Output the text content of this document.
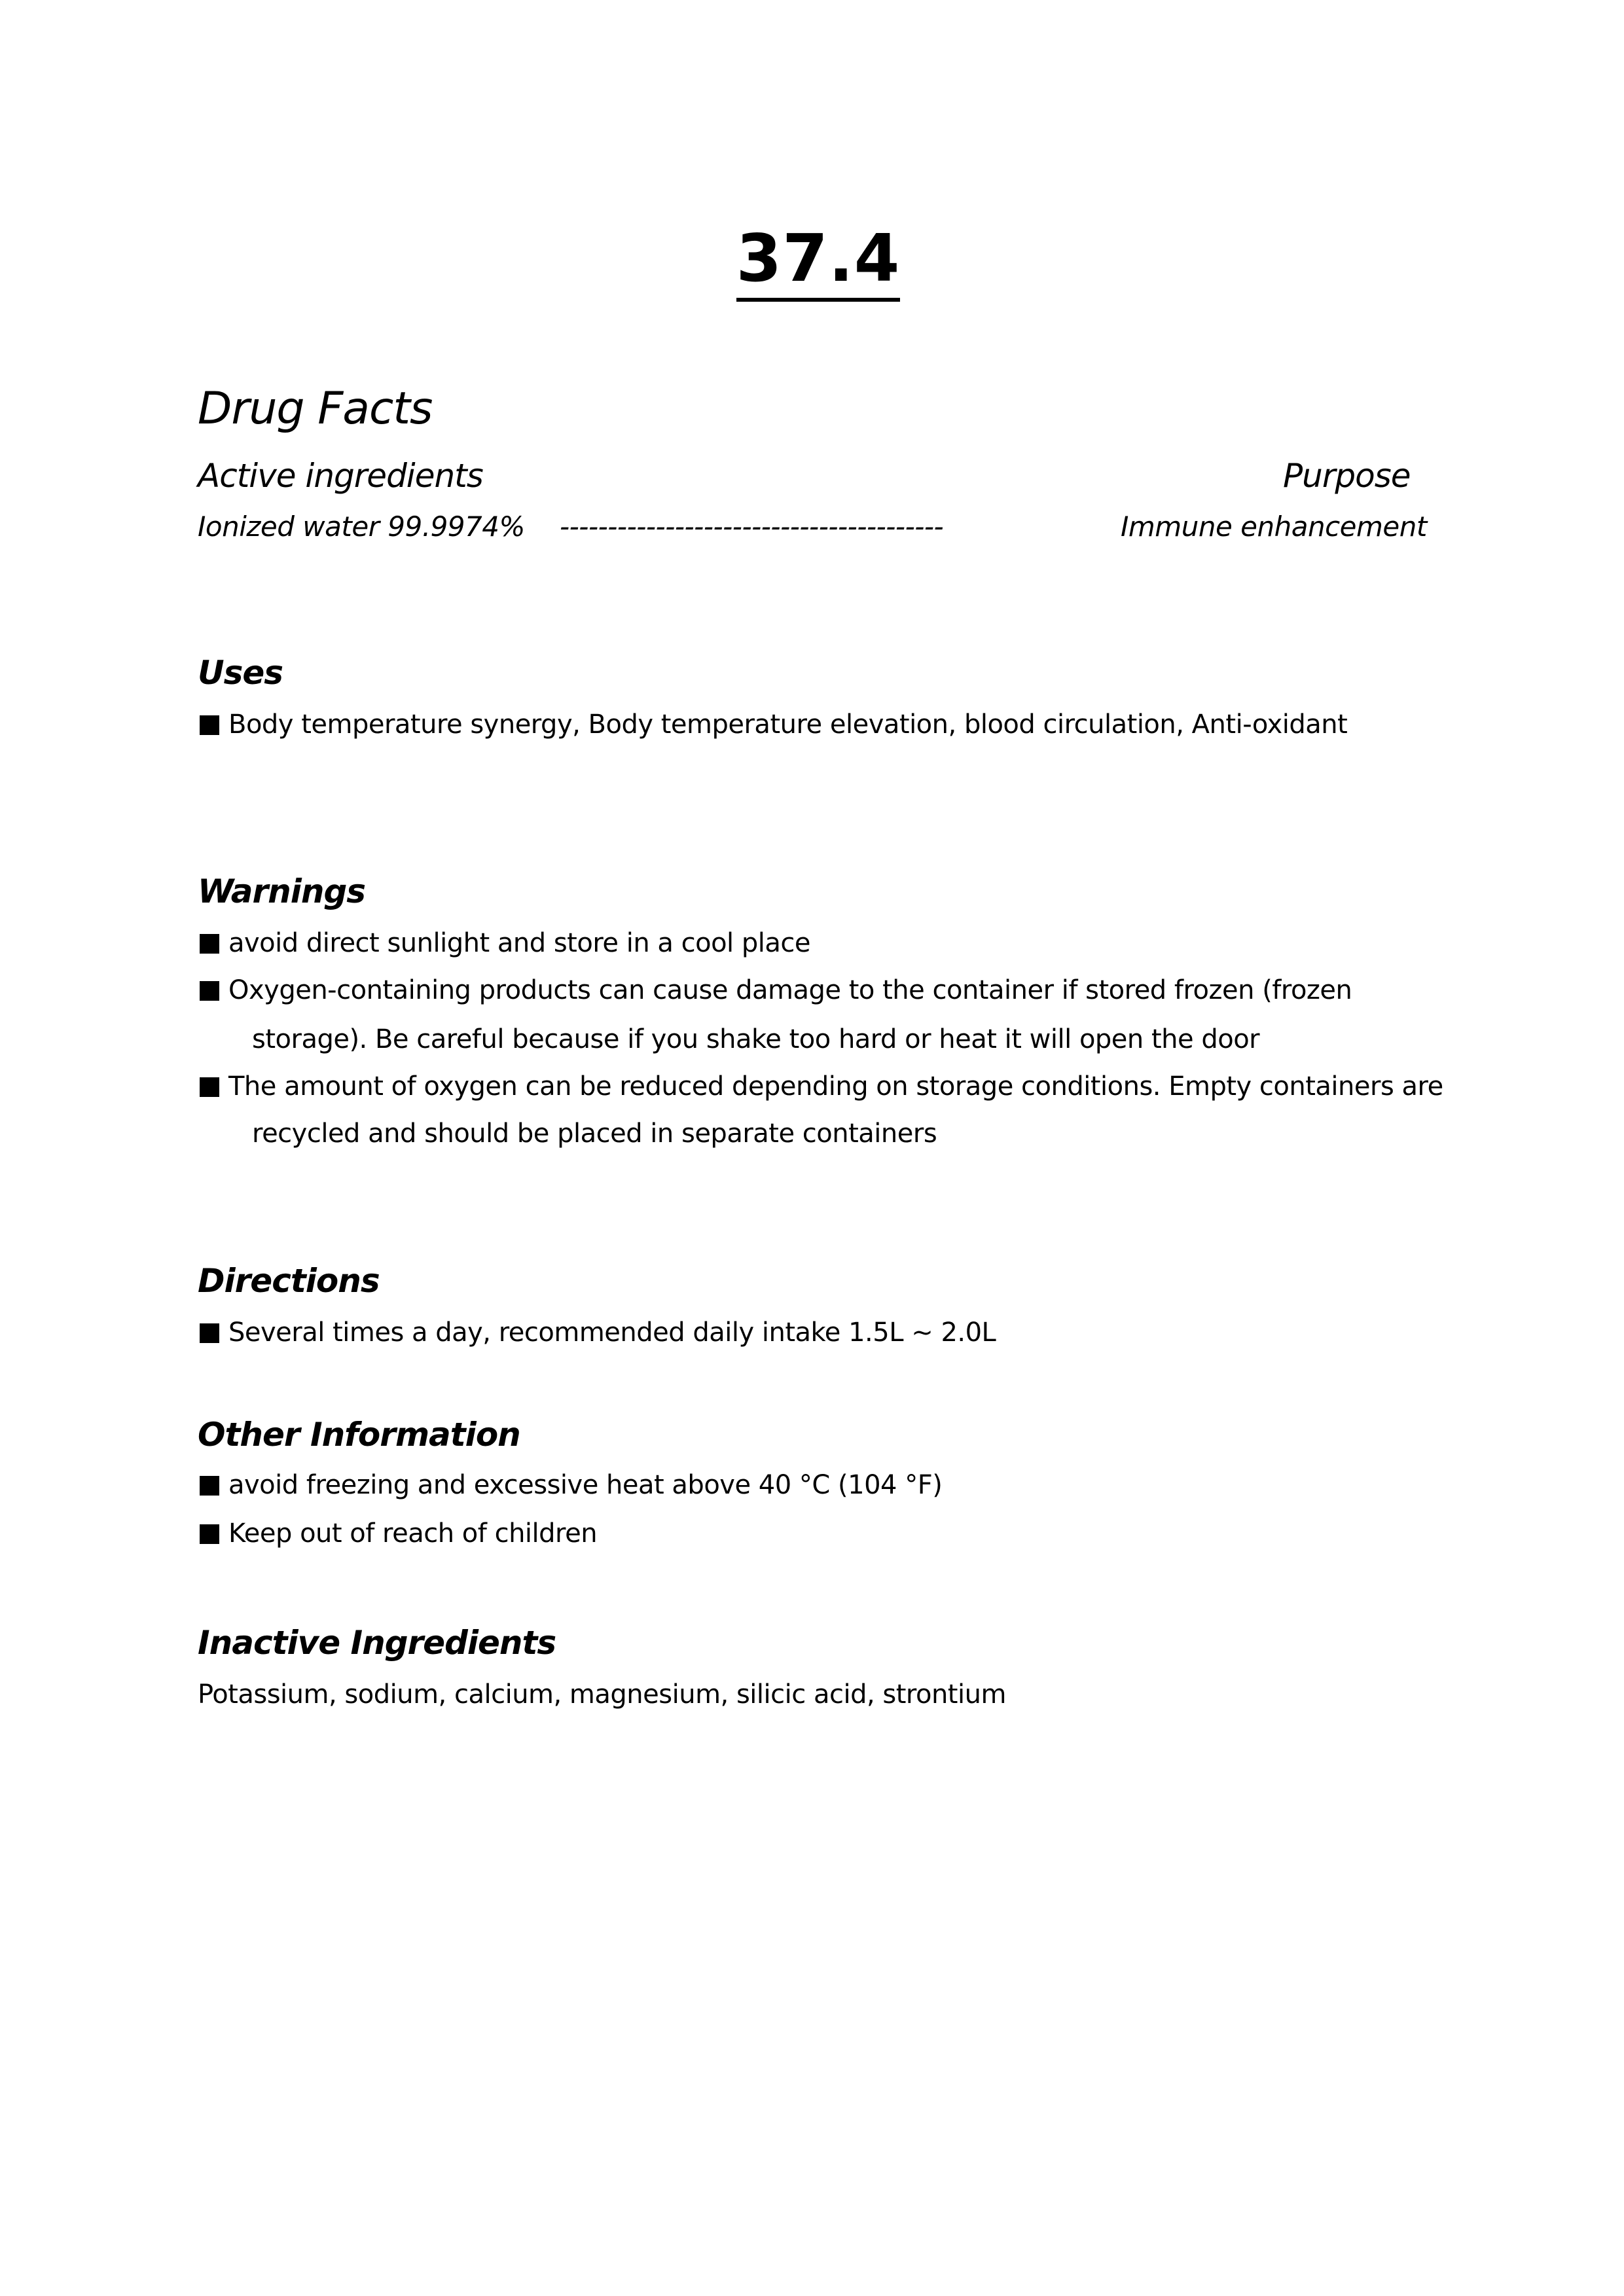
37.4
Drug Facts
Active ingredients	Purpose
Ionized water 99.9974% ----------------------------------------	Immune enhancement
Uses
Body temperature synergy, Body temperature elevation, blood circulation, Anti-oxidant
Warnings
avoid direct sunlight and store in a cool place
Oxygen-containing products can cause damage to the container if stored frozen (frozen
storage). Be careful because if you shake too hard or heat it will open the door
The amount of oxygen can be reduced depending on storage conditions. Empty containers are
recycled and should be placed in separate containers
Directions
Several times a day, recommended daily intake 1.5L ~ 2.0L
Other Information
avoid freezing and excessive heat above 40 °C (104 °F)
Keep out of reach of children
Inactive Ingredients
Potassium, sodium, calcium, magnesium, silicic acid, strontium
